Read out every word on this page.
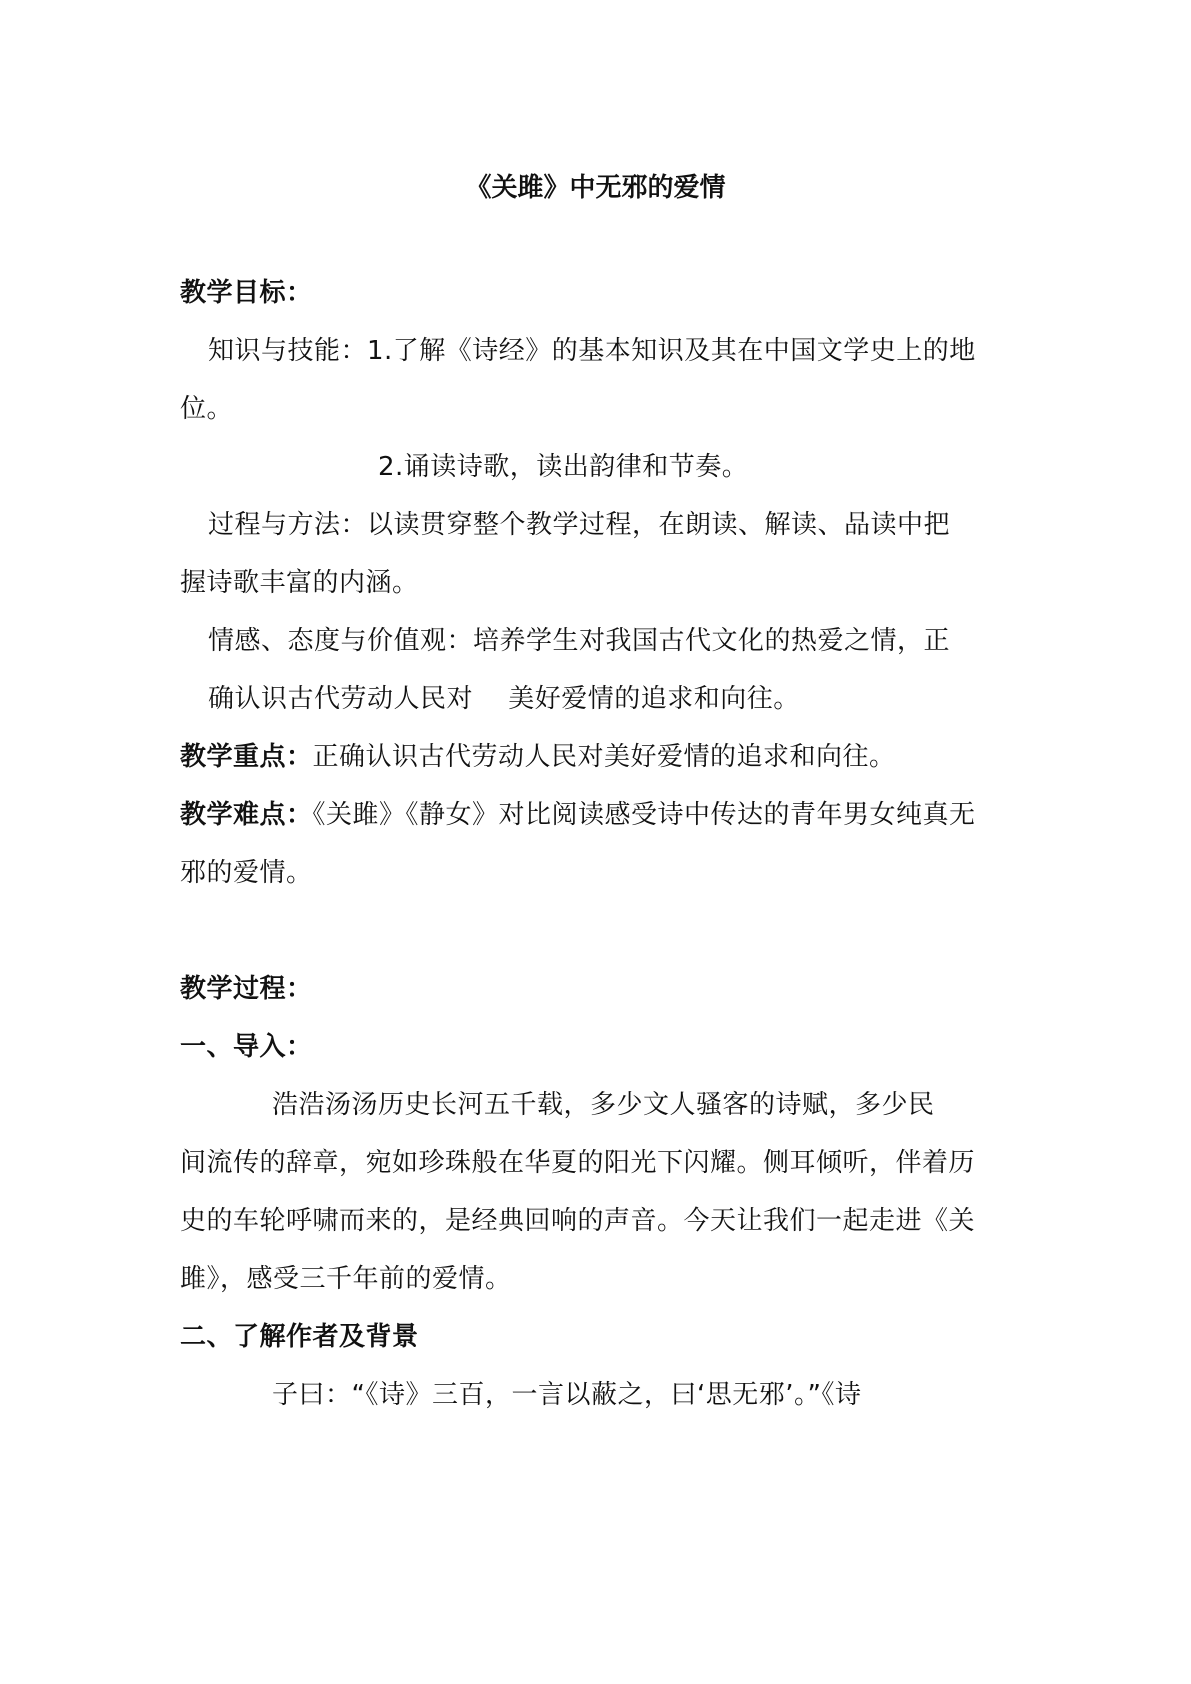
《关雎》中无邪的爱情
教学目标：
知识与技能：1.了解《诗经》的基本知识及其在中国文学史上的地
位。
2.诵读诗歌，读出韵律和节奏。
过程与方法：以读贯穿整个教学过程，在朗读、解读、品读中把
握诗歌丰富的内涵。
情感、态度与价值观：培养学生对我国古代文化的热爱之情，正
确认识古代劳动人民对　 美好爱情的追求和向往。
教学重点：正确认识古代劳动人民对美好爱情的追求和向往。
教学难点：《关雎》《静女》对比阅读感受诗中传达的青年男女纯真无
邪的爱情。
教学过程：
一、导入：
浩浩汤汤历史长河五千载，多少文人骚客的诗赋，多少民
间流传的辞章，宛如珍珠般在华夏的阳光下闪耀。侧耳倾听，伴着历
史的车轮呼啸而来的，是经典回响的声音。今天让我们一起走进《关
雎》，感受三千年前的爱情。
二、了解作者及背景
子曰：“《诗》三百，一言以蔽之，曰‘思无邪’。”《诗
